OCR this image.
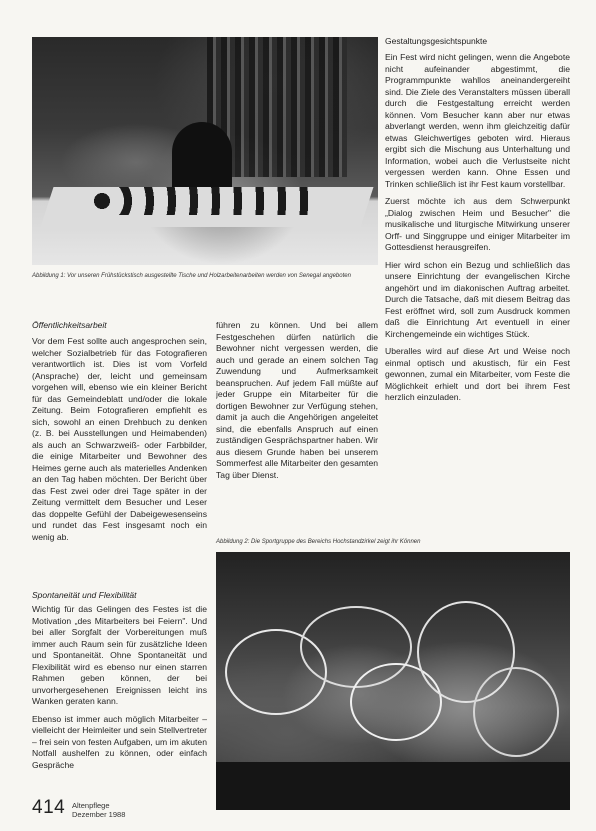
Abbildung 1: Vor unseren Frühstückstisch ausgestellte Tische und Holzarbeitenarbeiten werden von Senegal angeboten
Gestaltungsgesichtspunkte

Ein Fest wird nicht gelingen, wenn die Angebote nicht aufeinander abgestimmt, die Programmpunkte wahllos aneinandergereiht sind. Die Ziele des Veranstalters müssen überall durch die Festgestaltung erreicht werden können. Vom Besucher kann aber nur etwas abverlangt werden, wenn ihm gleichzeitig dafür etwas Gleichwertiges geboten wird. Hieraus ergibt sich die Mischung aus Unterhaltung und Information, wobei auch die Verlustseite nicht vergessen werden kann. Ohne Essen und Trinken schließlich ist ihr Fest kaum vorstellbar.

Zuerst möchte ich aus dem Schwerpunkt „Dialog zwischen Heim und Besucher" die musikalische und liturgische Mitwirkung unserer Orff- und Singgruppe und einiger Mitarbeiter im Gottesdienst herausgreifen.

Hier wird schon ein Bezug und schließlich das unsere Einrichtung der evangelischen Kirche angehört und im diakonischen Auftrag arbeitet. Durch die Tatsache, daß mit diesem Beitrag das Fest eröffnet wird, soll zum Ausdruck kommen daß die Einrichtung Art eventuell in einer Kirchengemeinde ein wichtiges Stück.

Uberalles wird auf diese Art und Weise noch einmal optisch und akustisch, für ein Fest gewonnen, zumal ein Mitarbeiter, vom Feste die Möglichkeit erhielt und dort bei ihrem Fest herzlich einzuladen.

Öffentlichkeitsarbeit

Vor dem Fest sollte auch angesprochen sein, welcher Sozialbetrieb für das Fotografieren verantwortlich ist. Dies ist vom Vorfeld (Ansprache) der, leicht und gemeinsam vorgehen will, ebenso wie ein kleiner Bericht für das Gemeindeblatt und/oder die lokale Zeitung. Beim Fotografieren empfiehlt es sich, sowohl an einen Drehbuch zu denken (z. B. bei Ausstellungen und Heimabenden) als auch an Schwarzweiß- oder Farbbilder, die einige Mitarbeiter und Bewohner des Heimes gerne auch als materielles Andenken an den Tag haben möchten. Der Bericht über das Fest zwei oder drei Tage später in der Zeitung vermittelt dem Besucher und Leser das doppelte Gefühl der Dabeigewesenseins und rundet das Fest insgesamt noch ein wenig ab.

Spontaneität und Flexibilität

Wichtig für das Gelingen des Festes ist die Motivation „des Mitarbeiters bei Feiern". Und bei aller Sorgfalt der Vorbereitungen muß immer auch Raum sein für zusätzliche Ideen und Spontaneität. Ohne Spontaneität und Flexibilität wird es ebenso nur einen starren Rahmen geben können, der bei unvorhergesehenen Ereignissen leicht ins Wanken geraten kann.

Ebenso ist immer auch möglich Mitarbeiter – vielleicht der Heimleiter und sein Stellvertreter – frei sein von festen Aufgaben, um im akuten Notfall aushelfen zu können, oder einfach Gespräche

führen zu können. Und bei allem Festgeschehen dürfen natürlich die Bewohner nicht vergessen werden, die auch und gerade an einem solchen Tag Zuwendung und Aufmerksamkeit beanspruchen. Auf jedem Fall müßte auf jeder Gruppe ein Mitarbeiter für die dortigen Bewohner zur Verfügung stehen, damit ja auch die Angehörigen angeleitet sind, die ebenfalls Anspruch auf einen zuständigen Gesprächspartner haben. Wir aus diesem Grunde haben bei unserem Sommerfest alle Mitarbeiter den gesamten Tag über Dienst.

Abbildung 2: Die Sportgruppe des Bereichs Hochstandzirkel zeigt ihr Können
414 Altenpflege
Dezember 1988
